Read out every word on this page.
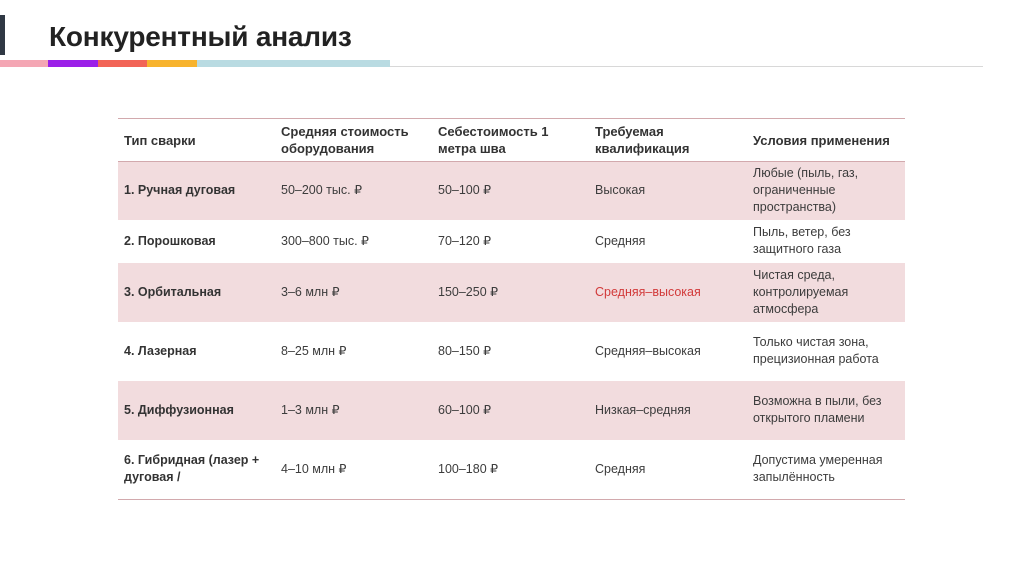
Конкурентный анализ
Тип сварки	Средняя стоимость оборудования	Себестоимость 1 метра шва	Требуемая квалификация	Условия применения
1. Ручная дуговая	50–200 тыс. ₽	50–100 ₽	Высокая	Любые (пыль, газ, ограниченные пространства)
2. Порошковая	300–800 тыс. ₽	70–120 ₽	Средняя	Пыль, ветер, без защитного газа
3. Орбитальная	3–6 млн ₽	150–250 ₽	Средняя–высокая	Чистая среда, контролируемая атмосфера
4. Лазерная	8–25 млн ₽	80–150 ₽	Средняя–высокая	Только чистая зона, прецизионная работа
5. Диффузионная	1–3 млн ₽	60–100 ₽	Низкая–средняя	Возможна в пыли, без открытого пламени
6. Гибридная (лазер + дуговая /	4–10 млн ₽	100–180 ₽	Средняя	Допустима умеренная запылённость
